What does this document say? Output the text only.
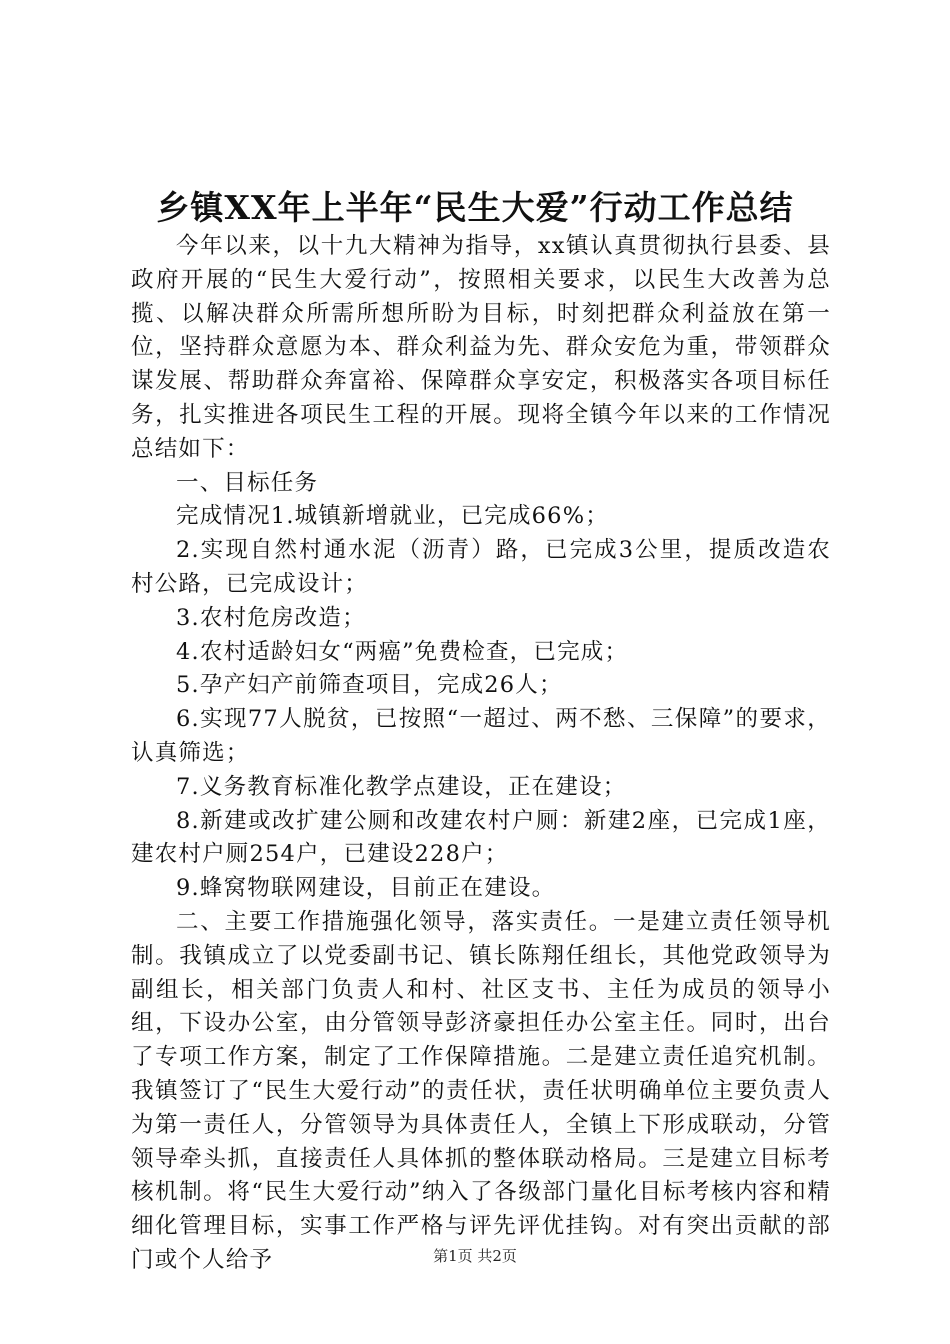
乡镇XX年上半年“民生大爱”行动工作总结

今年以来，以十九大精神为指导，xx镇认真贯彻执行县委、县政府开展的“民生大爱行动”，按照相关要求，以民生大改善为总揽、以解决群众所需所想所盼为目标，时刻把群众利益放在第一位，坚持群众意愿为本、群众利益为先、群众安危为重，带领群众谋发展、帮助群众奔富裕、保障群众享安定，积极落实各项目标任务，扎实推进各项民生工程的开展。现将全镇今年以来的工作情况总结如下：

一、目标任务

完成情况1.城镇新增就业，已完成66%；

2.实现自然村通水泥（沥青）路，已完成3公里，提质改造农村公路，已完成设计；

3.农村危房改造；

4.农村适龄妇女“两癌”免费检查，已完成；

5.孕产妇产前筛查项目，完成26人；

6.实现77人脱贫，已按照“一超过、两不愁、三保障”的要求，认真筛选；

7.义务教育标准化教学点建设，正在建设；

8.新建或改扩建公厕和改建农村户厕：新建2座，已完成1座，建农村户厕254户，已建设228户；

9.蜂窝物联网建设，目前正在建设。

二、主要工作措施强化领导，落实责任。一是建立责任领导机制。我镇成立了以党委副书记、镇长陈翔任组长，其他党政领导为副组长，相关部门负责人和村、社区支书、主任为成员的领导小组，下设办公室，由分管领导彭济豪担任办公室主任。同时，出台了专项工作方案，制定了工作保障措施。二是建立责任追究机制。我镇签订了“民生大爱行动”的责任状，责任状明确单位主要负责人为第一责任人，分管领导为具体责任人，全镇上下形成联动，分管领导牵头抓，直接责任人具体抓的整体联动格局。三是建立目标考核机制。将“民生大爱行动”纳入了各级部门量化目标考核内容和精细化管理目标，实事工作严格与评先评优挂钩。对有突出贡献的部门或个人给予	第1页 共2页
